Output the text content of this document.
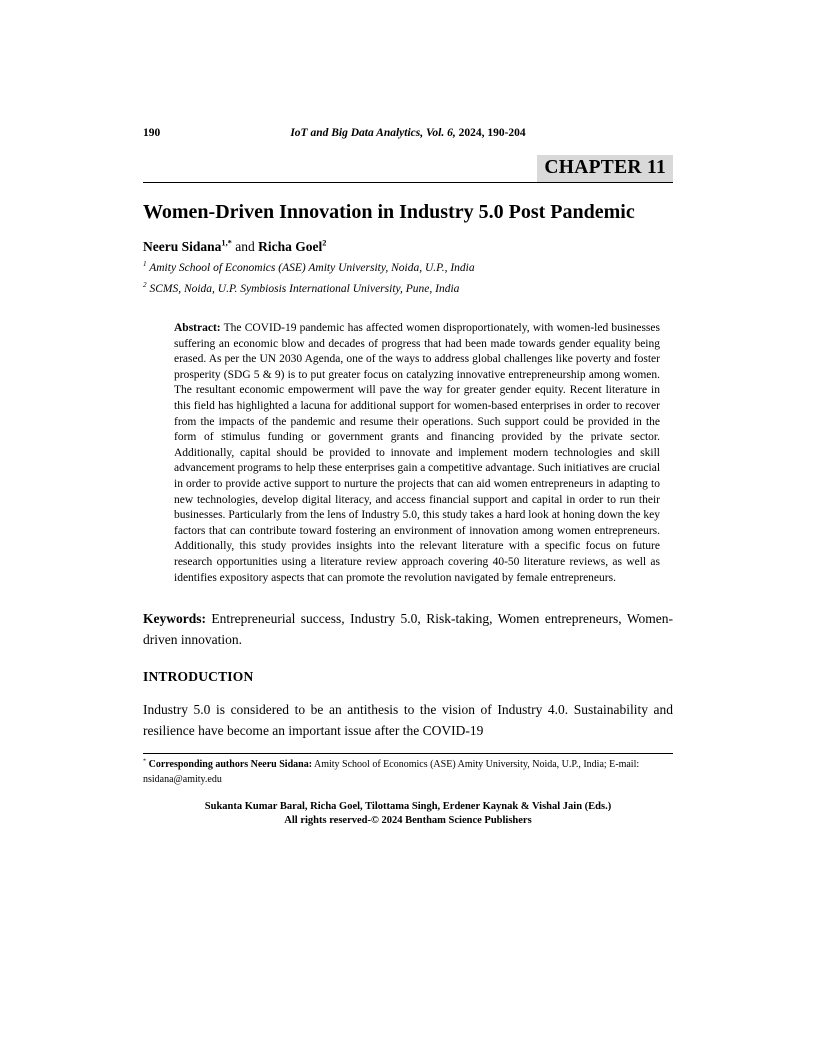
190	IoT and Big Data Analytics, Vol. 6, 2024, 190-204
CHAPTER 11
Women-Driven Innovation in Industry 5.0 Post Pandemic

Neeru Sidana$^{1,*}$ and Richa Goel$^2$

$^1$ Amity School of Economics (ASE) Amity University, Noida, U.P., India

$^2$ SCMS, Noida, U.P. Symbiosis International University, Pune, India

Abstract: The COVID-19 pandemic has affected women disproportionately, with women-led businesses suffering an economic blow and decades of progress that had been made towards gender equality being erased. As per the UN 2030 Agenda, one of the ways to address global challenges like poverty and foster prosperity (SDG 5 & 9) is to put greater focus on catalyzing innovative entrepreneurship among women. The resultant economic empowerment will pave the way for greater gender equity. Recent literature in this field has highlighted a lacuna for additional support for women-based enterprises in order to recover from the impacts of the pandemic and resume their operations. Such support could be provided in the form of stimulus funding or government grants and financing provided by the private sector. Additionally, capital should be provided to innovate and implement modern technologies and skill advancement programs to help these enterprises gain a competitive advantage. Such initiatives are crucial in order to provide active support to nurture the projects that can aid women entrepreneurs in adapting to new technologies, develop digital literacy, and access financial support and capital in order to run their businesses. Particularly from the lens of Industry 5.0, this study takes a hard look at honing down the key factors that can contribute toward fostering an environment of innovation among women entrepreneurs. Additionally, this study provides insights into the relevant literature with a specific focus on future research opportunities using a literature review approach covering 40-50 literature reviews, as well as identifies expository aspects that can promote the revolution navigated by female entrepreneurs.

Keywords: Entrepreneurial success, Industry 5.0, Risk-taking, Women entrepreneurs, Women-driven innovation.

INTRODUCTION

Industry 5.0 is considered to be an antithesis to the vision of Industry 4.0. Sustainability and resilience have become an important issue after the COVID-19

* Corresponding authors Neeru Sidana: Amity School of Economics (ASE) Amity University, Noida, U.P., India; E-mail: nsidana@amity.edu

Sukanta Kumar Baral, Richa Goel, Tilottama Singh, Erdener Kaynak & Vishal Jain (Eds.)
All rights reserved-© 2024 Bentham Science Publishers
